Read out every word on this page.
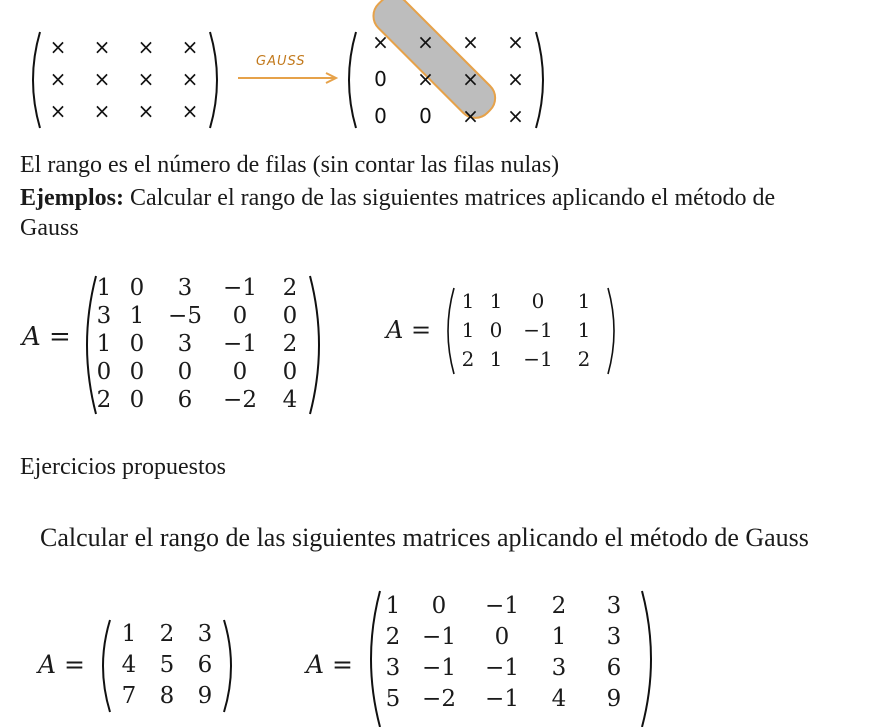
× × × ×
× × × ×
× × × ×
GAUSS
× × × ×
0 × × ×
0 0 × ×
El rango es el número de filas (sin contar las filas nulas)
Ejemplos: Calcular el rango de las siguientes matrices aplicando el método de
Gauss
A =
1 0 3 −1 2
3 1 −5 0 0
1 0 3 −1 2
0 0 0 0 0
2 0 6 −2 4
A =
1 1 0 1
1 0 −1 1
2 1 −1 2
Ejercicios propuestos
Calcular el rango de las siguientes matrices aplicando el método de Gauss
A =
1 2 3
4 5 6
7 8 9
A =
1 0 −1 2 3
2 −1 0 1 3
3 −1 −1 3 6
5 −2 −1 4 9
